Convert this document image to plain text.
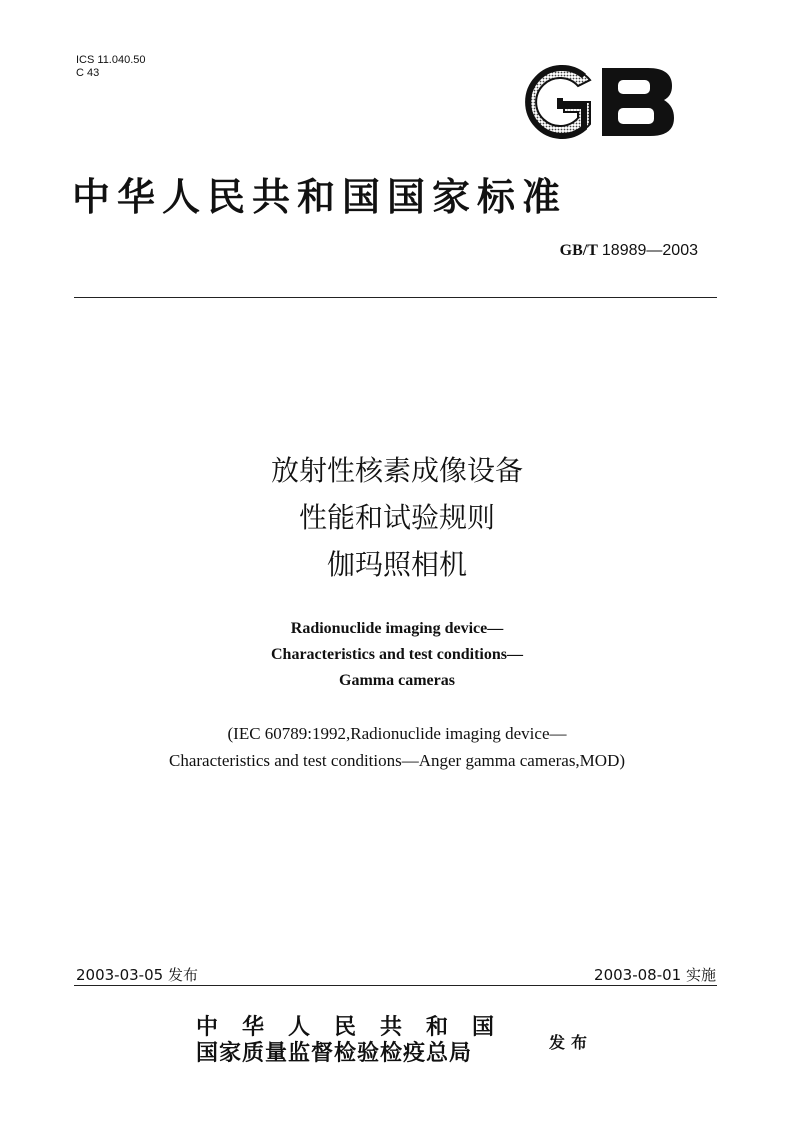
ICS 11.040.50
C 43
中华人民共和国国家标准
GB/T 18989—2003
放射性核素成像设备
性能和试验规则
伽玛照相机
Radionuclide imaging device—
Characteristics and test conditions—
Gamma cameras
(IEC 60789:1992,Radionuclide imaging device—
Characteristics and test conditions—Anger gamma cameras,MOD)
2003-03-05 发布	2003-08-01 实施
中华人民共和国
国家质量监督检验检疫总局	发布
